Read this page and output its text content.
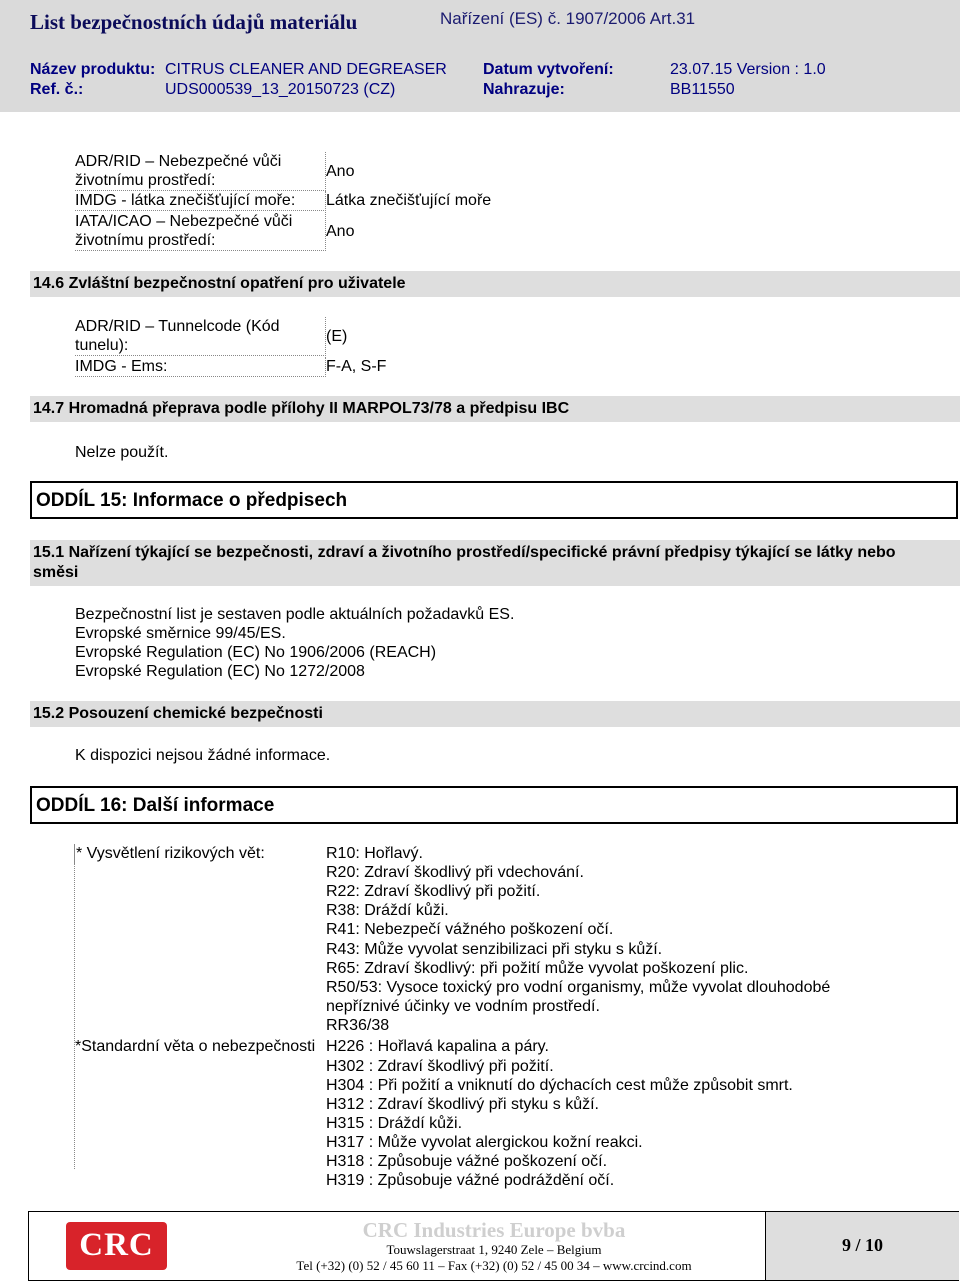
List bezpečnostních údajů materiálu	Nařízení (ES) č. 1907/2006 Art.31
Název produktu: CITRUS CLEANER AND DEGREASER
Ref. č.:	UDS000539_13_20150723 (CZ)
Datum vytvoření:	23.07.15 Version : 1.0
Nahrazuje:	BB11550
ADR/RID – Nebezpečné vůči životnímu prostředí:
Ano
IMDG - látka znečišťující moře:	Látka znečišťující moře
IATA/ICAO – Nebezpečné vůči životnímu prostředí:
Ano
14.6 Zvláštní bezpečnostní opatření pro uživatele
ADR/RID – Tunnelcode (Kód tunelu):
(E)
IMDG - Ems:	F-A, S-F
14.7 Hromadná přeprava podle přílohy II MARPOL73/78 a předpisu IBC
Nelze použít.
ODDÍL 15: Informace o předpisech
15.1 Nařízení týkající se bezpečnosti, zdraví a životního prostředí/specifické právní předpisy týkající se látky nebo
směsi
Bezpečnostní list je sestaven podle aktuálních požadavků ES.
Evropské směrnice 99/45/ES.
Evropské Regulation (EC) No 1906/2006 (REACH)
Evropské Regulation (EC) No 1272/2008
15.2 Posouzení chemické bezpečnosti
K dispozici nejsou žádné informace.
ODDÍL 16: Další informace
* Vysvětlení rizikových vět:	R10: Hořlavý.
R20: Zdraví škodlivý při vdechování.
R22: Zdraví škodlivý při požití.
R38: Dráždí kůži.
R41: Nebezpečí vážného poškození očí.
R43: Může vyvolat senzibilizaci při styku s kůží.
R65: Zdraví škodlivý: při požití může vyvolat poškození plic.
R50/53: Vysoce toxický pro vodní organismy, může vyvolat dlouhodobé
nepříznivé účinky ve vodním prostředí.
RR36/38
*Standardní věta o nebezpečnosti H226 : Hořlavá kapalina a páry.
H302 : Zdraví škodlivý při požití.
H304 : Při požití a vniknutí do dýchacích cest může způsobit smrt.
H312 : Zdraví škodlivý při styku s kůží.
H315 : Dráždí kůži.
H317 : Může vyvolat alergickou kožní reakci.
H318 : Způsobuje vážné poškození očí.
H319 : Způsobuje vážné podráždění očí.
CRC	CRC Industries Europe bvba
Touwslagerstraat 1, 9240 Zele – Belgium
Tel (+32) (0) 52 / 45 60 11 – Fax (+32) (0) 52 / 45 00 34 – www.crcind.com
9 / 10
